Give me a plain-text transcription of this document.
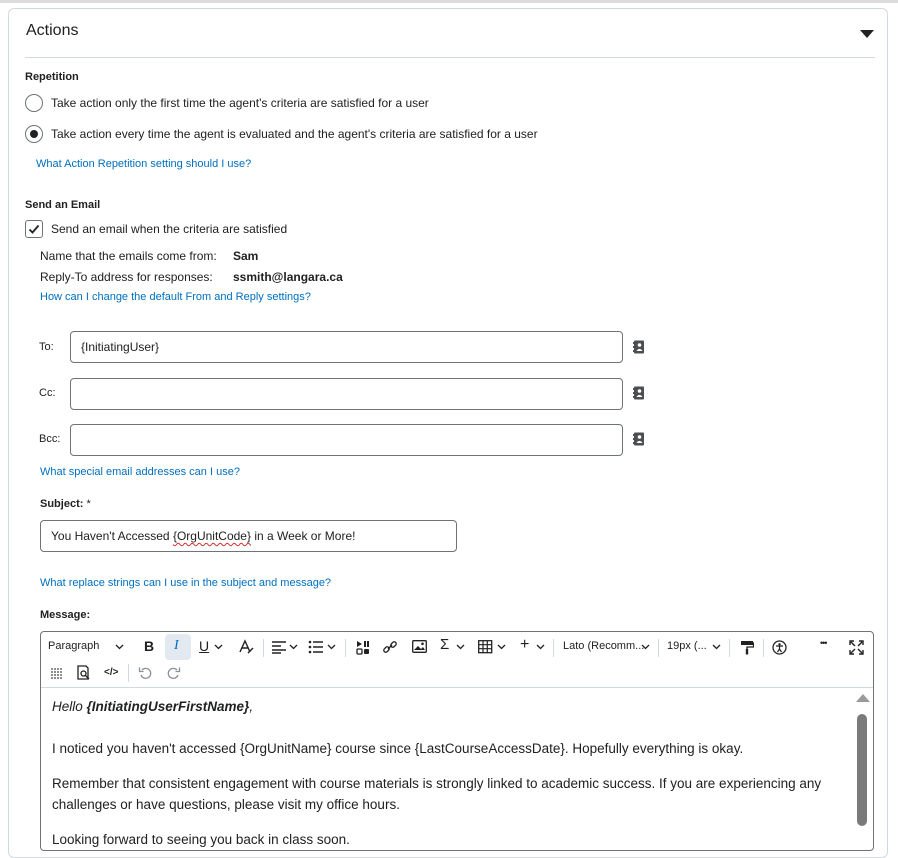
Actions
Repetition
Take action only the first time the agent's criteria are satisfied for a user
Take action every time the agent is evaluated and the agent's criteria are satisfied for a user
What Action Repetition setting should I use?
Send an Email
Send an email when the criteria are satisfied
Name that the emails come from: Sam
Reply-To address for responses: ssmith@langara.ca
How can I change the default From and Reply settings?
To:	{InitiatingUser}
Cc:
Bcc:
What special email addresses can I use?
Subject: *
You Haven't Accessed {OrgUnitCode} in a Week or More!
What replace strings can I use in the subject and message?
Message:
Paragraph	B I U	Σ	+	Lato (Recomm... 19px (...	•••
</>
Hello {InitiatingUserFirstName},
I noticed you haven't accessed {OrgUnitName} course since {LastCourseAccessDate}. Hopefully everything is okay.
Remember that consistent engagement with course materials is strongly linked to academic success. If you are experiencing any challenges or have questions, please visit my office hours.
Looking forward to seeing you back in class soon.
